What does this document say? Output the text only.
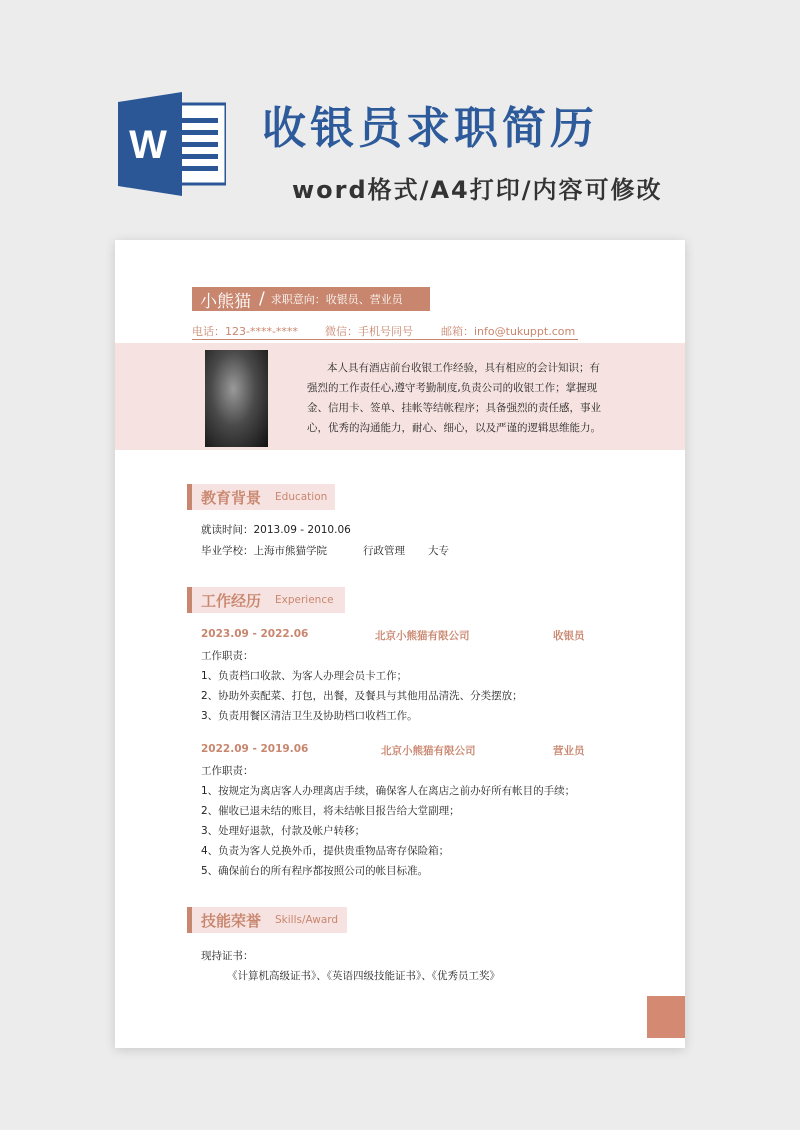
W 收银员求职简历
word格式/A4打印/内容可修改
小熊猫 / 求职意向：收银员、营业员
电话：123-****-**** 微信：手机号同号	邮箱：info@tukuppt.com
本人具有酒店前台收银工作经验，具有相应的会计知识；有强烈的工作责任心,遵守考勤制度,负责公司的收银工作；掌握现金、信用卡、签单、挂帐等结帐程序；具备强烈的责任感，事业心，优秀的沟通能力，耐心、细心，以及严谨的逻辑思维能力。
教育背景 Education
就读时间：2013.09 - 2010.06
毕业学校：上海市熊猫学院	行政管理 大专
工作经历 Experience
2023.09 - 2022.06	北京小熊猫有限公司	收银员
工作职责：
1、负责档口收款、为客人办理会员卡工作；
2、协助外卖配菜、打包，出餐，及餐具与其他用品清洗、分类摆放；
3、负责用餐区清洁卫生及协助档口收档工作。
2022.09 - 2019.06	北京小熊猫有限公司	营业员
工作职责：
1、按规定为离店客人办理离店手续，确保客人在离店之前办好所有帐目的手续；
2、催收已退未结的账目，将未结帐目报告给大堂副理；
3、处理好退款，付款及帐户转移；
4、负责为客人兑换外币，提供贵重物品寄存保险箱；
5、确保前台的所有程序都按照公司的帐目标准。
技能荣誉 Skills/Award
现持证书：
《计算机高级证书》、《英语四级技能证书》、《优秀员工奖》
